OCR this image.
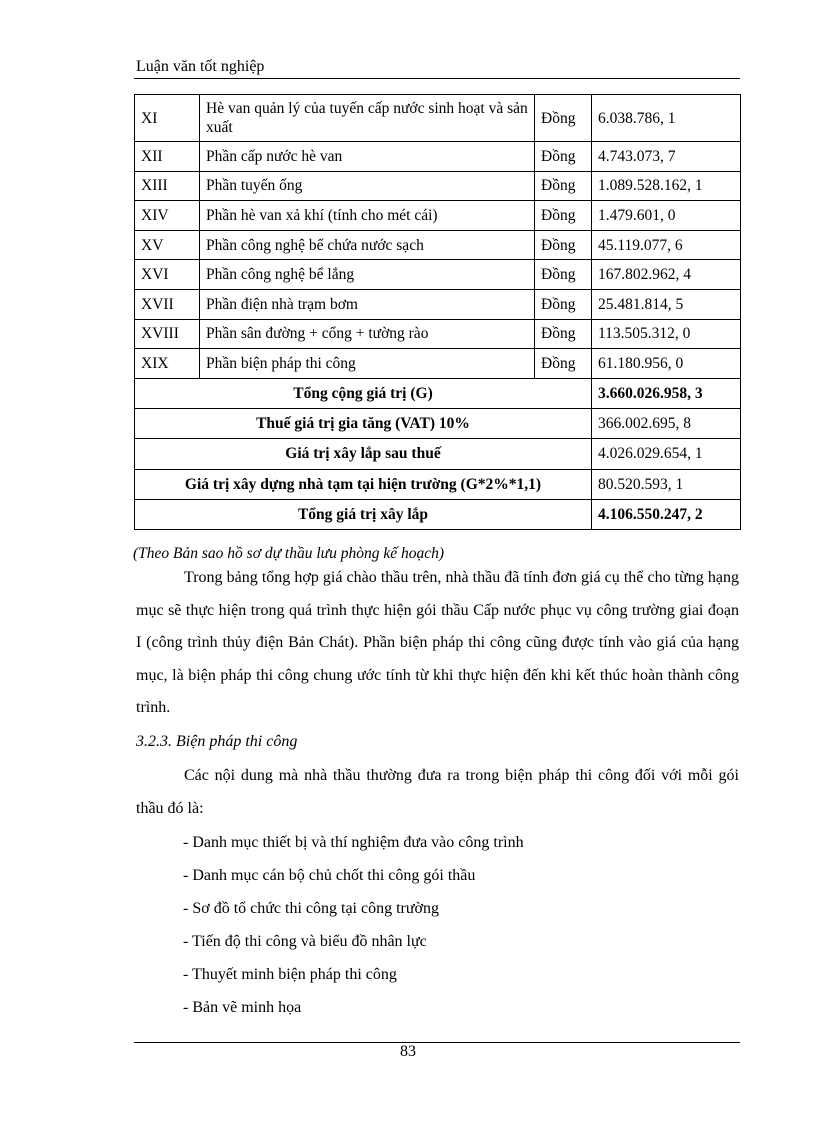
Luận văn tốt nghiệp
XI	Hè van quản lý của tuyến cấp nước sinh hoạt và sản xuất	Đồng	6.038.786, 1
XII	Phần cấp nước hè van	Đồng	4.743.073, 7
XIII	Phần tuyến ống	Đồng	1.089.528.162, 1
XIV	Phần hè van xả khí (tính cho mét cái)	Đồng	1.479.601, 0
XV	Phần công nghệ bể chứa nước sạch	Đồng	45.119.077, 6
XVI	Phần công nghệ bể lắng	Đồng	167.802.962, 4
XVII	Phần điện nhà trạm bơm	Đồng	25.481.814, 5
XVIII	Phần sân đường + cổng + tường rào	Đồng	113.505.312, 0
XIX	Phần biện pháp thi công	Đồng	61.180.956, 0
Tổng cộng giá trị (G)			3.660.026.958, 3
Thuế giá trị gia tăng (VAT) 10%			366.002.695, 8
Giá trị xây lắp sau thuế			4.026.029.654, 1
Giá trị xây dựng nhà tạm tại hiện trường (G*2%*1,1)			80.520.593, 1
Tổng giá trị xây lắp			4.106.550.247, 2
(Theo Bản sao hồ sơ dự thầu lưu phòng kế hoạch)
Trong bảng tổng hợp giá chào thầu trên, nhà thầu đã tính đơn giá cụ thể cho từng hạng mục sẽ thực hiện trong quá trình thực hiện gói thầu Cấp nước phục vụ công trường giai đoạn I (công trình thủy điện Bản Chát). Phần biện pháp thi công cũng được tính vào giá của hạng mục, là biện pháp thi công chung ước tính từ khi thực hiện đến khi kết thúc hoàn thành công trình.
3.2.3. Biện pháp thi công
Các nội dung mà nhà thầu thường đưa ra trong biện pháp thi công đối với mỗi gói thầu đó là:
- Danh mục thiết bị và thí nghiệm đưa vào công trình
- Danh mục cán bộ chủ chốt thi công gói thầu
- Sơ đồ tổ chức thi công tại công trường
- Tiến độ thi công và biểu đồ nhân lực
- Thuyết minh biện pháp thi công
- Bản vẽ minh họa
83
